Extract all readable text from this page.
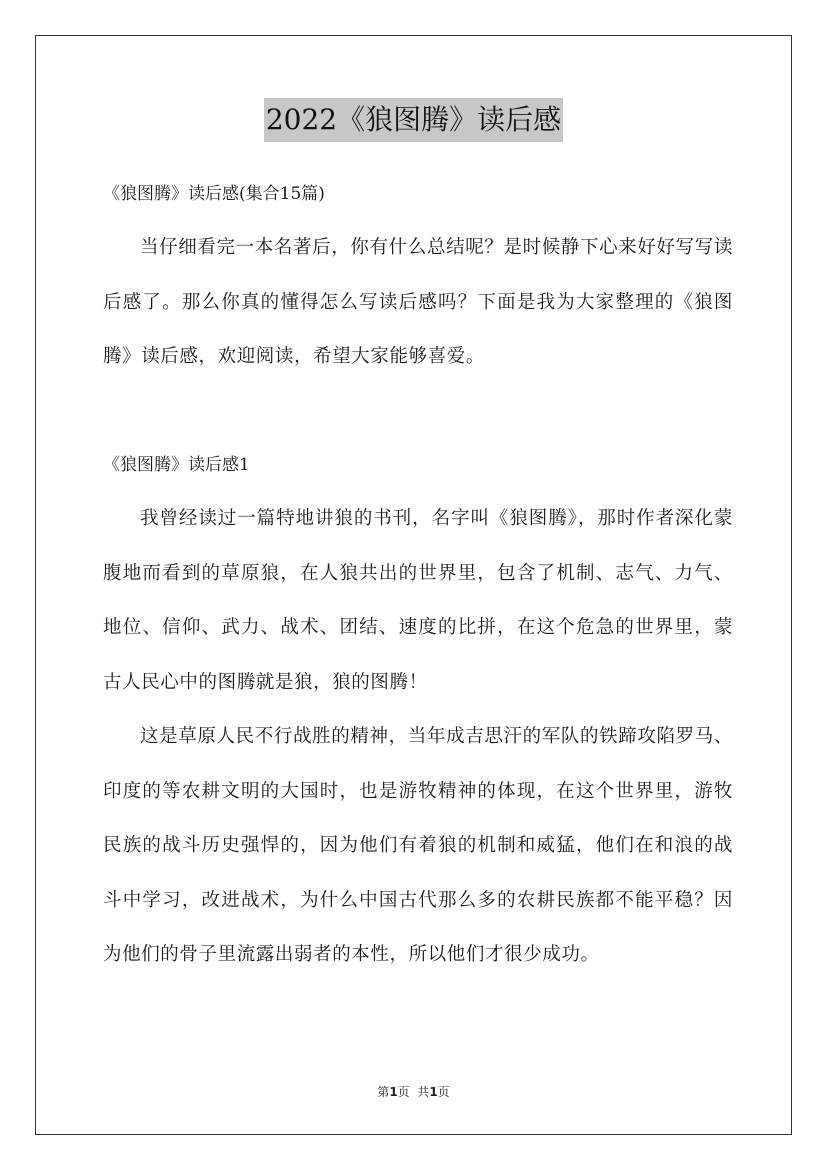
2022《狼图腾》读后感
《狼图腾》读后感(集合15篇)
当仔细看完一本名著后，你有什么总结呢？是时候静下心来好好写写读后感了。那么你真的懂得怎么写读后感吗？下面是我为大家整理的《狼图腾》读后感，欢迎阅读，希望大家能够喜爱。
《狼图腾》读后感1
我曾经读过一篇特地讲狼的书刊，名字叫《狼图腾》，那时作者深化蒙腹地而看到的草原狼，在人狼共出的世界里，包含了机制、志气、力气、地位、信仰、武力、战术、团结、速度的比拼，在这个危急的世界里，蒙古人民心中的图腾就是狼，狼的图腾！
这是草原人民不行战胜的精神，当年成吉思汗的军队的铁蹄攻陷罗马、印度的等农耕文明的大国时，也是游牧精神的体现，在这个世界里，游牧民族的战斗历史强悍的，因为他们有着狼的机制和威猛，他们在和浪的战斗中学习，改进战术，为什么中国古代那么多的农耕民族都不能平稳？因为他们的骨子里流露出弱者的本性，所以他们才很少成功。
第1页  共1页
